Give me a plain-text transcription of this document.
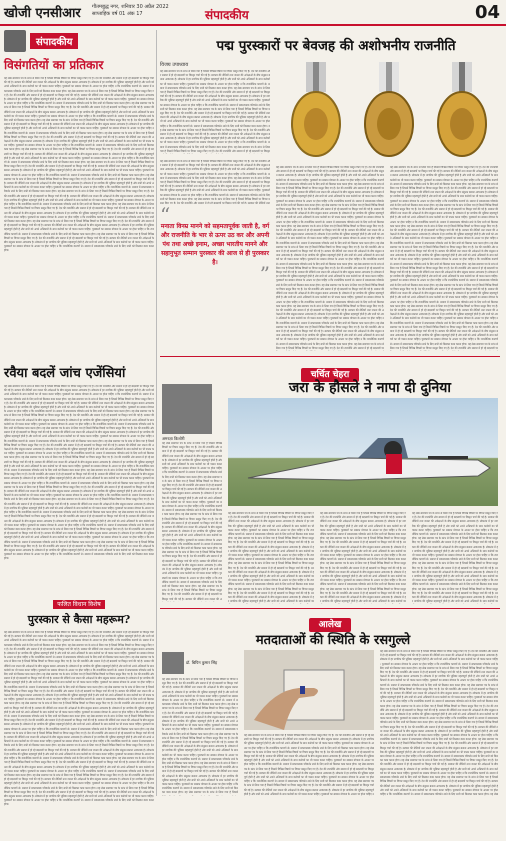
खोजी एनसीआर गौतमबुद्ध नगर, शनिवार 30 अप्रैल 2022
साप्ताहिक वर्ष 01 अंक 17	संपादकीय	04
संपादकीय
विसंगतियों का प्रतिकार
यह लेख समाचार पत्र के स्तंभ से लिया गया है जिसमें विभिन्न विषयों पर विचार प्रस्तुत किए गए हैं। देश की राजनीति और समाज में हो रहे बदलावों पर विस्तृत चर्चा की गई है। सरकार की नीतियों तथा जनता की अपेक्षाओं के बीच संतुलन बनाना आवश्यक है। लोकतंत्र में हर नागरिक की भूमिका महत्वपूर्ण होती है और सभी को अपने अधिकारों के साथ कर्तव्यों का भी पालन करना चाहिए। पुरस्कारों का सम्मान योग्यता के आधार पर होना चाहिए न कि राजनीतिक कारणों से। समाज में सकारात्मक परिवर्तन लाने के लिए सभी को मिलकर काम करना होगा। यह लेख समाचार पत्र के स्तंभ से लिया गया है जिसमें विभिन्न विषयों पर विचार प्रस्तुत किए गए हैं। देश की राजनीति और समाज में हो रहे बदलावों पर विस्तृत चर्चा की गई है। सरकार की नीतियों तथा जनता की अपेक्षाओं के बीच संतुलन बनाना आवश्यक है। लोकतंत्र में हर नागरिक की भूमिका महत्वपूर्ण होती है और सभी को अपने अधिकारों के साथ कर्तव्यों का भी पालन करना चाहिए। पुरस्कारों का सम्मान योग्यता के आधार पर होना चाहिए न कि राजनीतिक कारणों से। समाज में सकारात्मक परिवर्तन लाने के लिए सभी को मिलकर काम करना होगा। यह लेख समाचार पत्र के स्तंभ से लिया गया है जिसमें विभिन्न विषयों पर विचार प्रस्तुत किए गए हैं। देश की राजनीति और समाज में हो रहे बदलावों पर विस्तृत चर्चा की गई है। सरकार की नीतियों तथा जनता की अपेक्षाओं के बीच संतुलन बनाना आवश्यक है। लोकतंत्र में हर नागरिक की भूमिका महत्वपूर्ण होती है और सभी को अपने अधिकारों के साथ कर्तव्यों का भी पालन करना चाहिए। पुरस्कारों का सम्मान योग्यता के आधार पर होना चाहिए न कि राजनीतिक कारणों से। समाज में सकारात्मक परिवर्तन लाने के लिए सभी को मिलकर काम करना होगा। यह लेख समाचार पत्र के स्तंभ से लिया गया है जिसमें विभिन्न विषयों पर विचार प्रस्तुत किए गए हैं। देश की राजनीति और समाज में हो रहे बदलावों पर विस्तृत चर्चा की गई है। सरकार की नीतियों तथा जनता की अपेक्षाओं के बीच संतुलन बनाना आवश्यक है। लोकतंत्र में हर नागरिक की भूमिका महत्वपूर्ण होती है और सभी को अपने अधिकारों के साथ कर्तव्यों का भी पालन करना चाहिए। पुरस्कारों का सम्मान योग्यता के आधार पर होना चाहिए न कि राजनीतिक कारणों से। समाज में सकारात्मक परिवर्तन लाने के लिए सभी को मिलकर काम करना होगा। यह लेख समाचार पत्र के स्तंभ से लिया गया है जिसमें विभिन्न विषयों पर विचार प्रस्तुत किए गए हैं। देश की राजनीति और समाज में हो रहे बदलावों पर विस्तृत चर्चा की गई है। सरकार की नीतियों तथा जनता की अपेक्षाओं के बीच संतुलन बनाना आवश्यक है। लोकतंत्र में हर नागरिक की भूमिका महत्वपूर्ण होती है और सभी को अपने अधिकारों के साथ कर्तव्यों का भी पालन करना चाहिए। पुरस्कारों का सम्मान योग्यता के आधार पर होना चाहिए न कि राजनीतिक कारणों से। समाज में सकारात्मक परिवर्तन लाने के लिए सभी को मिलकर काम करना होगा। यह लेख समाचार पत्र के स्तंभ से लिया गया है जिसमें विभिन्न विषयों पर विचार प्रस्तुत किए गए हैं। देश की राजनीति और समाज में हो रहे बदलावों पर विस्तृत चर्चा की गई है। सरकार की नीतियों तथा जनता की अपेक्षाओं के बीच संतुलन बनाना आवश्यक है। लोकतंत्र में हर नागरिक की भूमिका महत्वपूर्ण होती है और सभी को अपने अधिकारों के साथ कर्तव्यों का भी पालन करना चाहिए। पुरस्कारों का सम्मान योग्यता के आधार पर होना चाहिए न कि राजनीतिक कारणों से। समाज में सकारात्मक परिवर्तन लाने के लिए सभी को मिलकर काम करना होगा। यह लेख समाचार पत्र के स्तंभ से लिया गया है जिसमें विभिन्न विषयों पर विचार प्रस्तुत किए गए हैं। देश की राजनीति और समाज में हो रहे बदलावों पर विस्तृत चर्चा की गई है। सरकार की नीतियों तथा जनता की अपेक्षाओं के बीच संतुलन बनाना आवश्यक है। लोकतंत्र में हर नागरिक की भूमिका महत्वपूर्ण होती है और सभी को अपने अधिकारों के साथ कर्तव्यों का भी पालन करना चाहिए। पुरस्कारों का सम्मान योग्यता के आधार पर होना चाहिए न कि राजनीतिक कारणों से। समाज में सकारात्मक परिवर्तन लाने के लिए सभी को मिलकर काम करना होगा। यह लेख समाचार पत्र के स्तंभ से लिया गया है जिसमें विभिन्न विषयों पर विचार प्रस्तुत किए गए हैं। देश की राजनीति और समाज में हो रहे बदलावों पर विस्तृत चर्चा की गई है। सरकार की नीतियों तथा जनता की अपेक्षाओं के बीच संतुलन बनाना आवश्यक है। लोकतंत्र में हर नागरिक की भूमिका महत्वपूर्ण होती है और सभी को अपने अधिकारों के साथ कर्तव्यों का भी पालन करना चाहिए। पुरस्कारों का सम्मान योग्यता के आधार पर होना चाहिए न कि राजनीतिक कारणों से। समाज में सकारात्मक परिवर्तन लाने के लिए सभी को मिलकर काम करना होगा। यह लेख समाचार पत्र के स्तंभ से लिया गया है जिसमें विभिन्न विषयों पर विचार प्रस्तुत किए गए हैं। देश की राजनीति और समाज में हो रहे बदलावों पर विस्तृत चर्चा की गई है। सरकार की नीतियों तथा जनता की अपेक्षाओं के बीच संतुलन बनाना आवश्यक है। लोकतंत्र में हर नागरिक की भूमिका महत्वपूर्ण होती है और सभी को अपने अधिकारों के साथ कर्तव्यों का भी पालन करना चाहिए। पुरस्कारों का सम्मान योग्यता के आधार पर होना चाहिए न कि राजनीतिक कारणों से। समाज में सकारात्मक परिवर्तन लाने के लिए सभी को मिलकर काम करना होगा। यह लेख समाचार पत्र के स्तंभ से लिया गया है जिसमें विभिन्न विषयों पर विचार प्रस्तुत किए गए हैं। देश की राजनीति और समाज में हो रहे बदलावों पर विस्तृत चर्चा की गई है। सरकार की नीतियों तथा जनता की अपेक्षाओं के बीच संतुलन बनाना आवश्यक है। लोकतंत्र में हर नागरिक की भूमिका महत्वपूर्ण होती है और सभी को अपने अधिकारों के साथ कर्तव्यों का भी पालन करना चाहिए। पुरस्कारों का सम्मान योग्यता के आधार पर होना चाहिए न कि राजनीतिक कारणों से। समाज में सकारात्मक परिवर्तन लाने के लिए सभी को मिलकर काम करना होगा। यह लेख समाचार पत्र के स्तंभ से लिया गया है जिसमें विभिन्न विषयों पर विचार प्रस्तुत किए गए हैं। देश की राजनीति और समाज में हो रहे बदलावों पर विस्तृत चर्चा की गई है। सरकार की नीतियों तथा जनता की अपेक्षाओं के बीच संतुलन बनाना आवश्यक है। लोकतंत्र में हर नागरिक की भूमिका महत्वपूर्ण होती है और सभी को अपने अधिकारों के साथ कर्तव्यों का भी पालन करना चाहिए। पुरस्कारों का सम्मान योग्यता के आधार पर होना चाहिए न कि राजनीतिक कारणों से। समाज में सकारात्मक परिवर्तन लाने के लिए सभी को मिलकर काम करना होगा। यह लेख समाचार पत्र के स्तंभ से लिया गया है जिसमें विभिन्न विषयों पर विचार प्रस्तुत किए गए हैं। देश की राजनीति और समाज में हो रहे बदलावों पर विस्तृत चर्चा की गई है। सरकार की नीतियों तथा जनता की अपेक्षाओं के बीच संतुलन बनाना आवश्यक है। लोकतंत्र में हर नागरिक की भूमिका महत्वपूर्ण होती है और सभी को अपने अधिकारों के साथ कर्तव्यों का भी पालन करना चाहिए। पुरस्कारों का सम्मान योग्यता के आधार पर होना चाहिए न कि राजनीतिक कारणों से। समाज में सकारात्मक परिवर्तन लाने के लिए सभी को मिलकर काम करना होगा।
रवैया बदलें जांच एजेंसियां
यह लेख समाचार पत्र के स्तंभ से लिया गया है जिसमें विभिन्न विषयों पर विचार प्रस्तुत किए गए हैं। देश की राजनीति और समाज में हो रहे बदलावों पर विस्तृत चर्चा की गई है। सरकार की नीतियों तथा जनता की अपेक्षाओं के बीच संतुलन बनाना आवश्यक है। लोकतंत्र में हर नागरिक की भूमिका महत्वपूर्ण होती है और सभी को अपने अधिकारों के साथ कर्तव्यों का भी पालन करना चाहिए। पुरस्कारों का सम्मान योग्यता के आधार पर होना चाहिए न कि राजनीतिक कारणों से। समाज में सकारात्मक परिवर्तन लाने के लिए सभी को मिलकर काम करना होगा। यह लेख समाचार पत्र के स्तंभ से लिया गया है जिसमें विभिन्न विषयों पर विचार प्रस्तुत किए गए हैं। देश की राजनीति और समाज में हो रहे बदलावों पर विस्तृत चर्चा की गई है। सरकार की नीतियों तथा जनता की अपेक्षाओं के बीच संतुलन बनाना आवश्यक है। लोकतंत्र में हर नागरिक की भूमिका महत्वपूर्ण होती है और सभी को अपने अधिकारों के साथ कर्तव्यों का भी पालन करना चाहिए। पुरस्कारों का सम्मान योग्यता के आधार पर होना चाहिए न कि राजनीतिक कारणों से। समाज में सकारात्मक परिवर्तन लाने के लिए सभी को मिलकर काम करना होगा। यह लेख समाचार पत्र के स्तंभ से लिया गया है जिसमें विभिन्न विषयों पर विचार प्रस्तुत किए गए हैं। देश की राजनीति और समाज में हो रहे बदलावों पर विस्तृत चर्चा की गई है। सरकार की नीतियों तथा जनता की अपेक्षाओं के बीच संतुलन बनाना आवश्यक है। लोकतंत्र में हर नागरिक की भूमिका महत्वपूर्ण होती है और सभी को अपने अधिकारों के साथ कर्तव्यों का भी पालन करना चाहिए। पुरस्कारों का सम्मान योग्यता के आधार पर होना चाहिए न कि राजनीतिक कारणों से। समाज में सकारात्मक परिवर्तन लाने के लिए सभी को मिलकर काम करना होगा। यह लेख समाचार पत्र के स्तंभ से लिया गया है जिसमें विभिन्न विषयों पर विचार प्रस्तुत किए गए हैं। देश की राजनीति और समाज में हो रहे बदलावों पर विस्तृत चर्चा की गई है। सरकार की नीतियों तथा जनता की अपेक्षाओं के बीच संतुलन बनाना आवश्यक है। लोकतंत्र में हर नागरिक की भूमिका महत्वपूर्ण होती है और सभी को अपने अधिकारों के साथ कर्तव्यों का भी पालन करना चाहिए। पुरस्कारों का सम्मान योग्यता के आधार पर होना चाहिए न कि राजनीतिक कारणों से। समाज में सकारात्मक परिवर्तन लाने के लिए सभी को मिलकर काम करना होगा। यह लेख समाचार पत्र के स्तंभ से लिया गया है जिसमें विभिन्न विषयों पर विचार प्रस्तुत किए गए हैं। देश की राजनीति और समाज में हो रहे बदलावों पर विस्तृत चर्चा की गई है। सरकार की नीतियों तथा जनता की अपेक्षाओं के बीच संतुलन बनाना आवश्यक है। लोकतंत्र में हर नागरिक की भूमिका महत्वपूर्ण होती है और सभी को अपने अधिकारों के साथ कर्तव्यों का भी पालन करना चाहिए। पुरस्कारों का सम्मान योग्यता के आधार पर होना चाहिए न कि राजनीतिक कारणों से। समाज में सकारात्मक परिवर्तन लाने के लिए सभी को मिलकर काम करना होगा। यह लेख समाचार पत्र के स्तंभ से लिया गया है जिसमें विभिन्न विषयों पर विचार प्रस्तुत किए गए हैं। देश की राजनीति और समाज में हो रहे बदलावों पर विस्तृत चर्चा की गई है। सरकार की नीतियों तथा जनता की अपेक्षाओं के बीच संतुलन बनाना आवश्यक है। लोकतंत्र में हर नागरिक की भूमिका महत्वपूर्ण होती है और सभी को अपने अधिकारों के साथ कर्तव्यों का भी पालन करना चाहिए। पुरस्कारों का सम्मान योग्यता के आधार पर होना चाहिए न कि राजनीतिक कारणों से। समाज में सकारात्मक परिवर्तन लाने के लिए सभी को मिलकर काम करना होगा। यह लेख समाचार पत्र के स्तंभ से लिया गया है जिसमें विभिन्न विषयों पर विचार प्रस्तुत किए गए हैं। देश की राजनीति और समाज में हो रहे बदलावों पर विस्तृत चर्चा की गई है। सरकार की नीतियों तथा जनता की अपेक्षाओं के बीच संतुलन बनाना आवश्यक है। लोकतंत्र में हर नागरिक की भूमिका महत्वपूर्ण होती है और सभी को अपने अधिकारों के साथ कर्तव्यों का भी पालन करना चाहिए। पुरस्कारों का सम्मान योग्यता के आधार पर होना चाहिए न कि राजनीतिक कारणों से। समाज में सकारात्मक परिवर्तन लाने के लिए सभी को मिलकर काम करना होगा। यह लेख समाचार पत्र के स्तंभ से लिया गया है जिसमें विभिन्न विषयों पर विचार प्रस्तुत किए गए हैं। देश की राजनीति और समाज में हो रहे बदलावों पर विस्तृत चर्चा की गई है। सरकार की नीतियों तथा जनता की अपेक्षाओं के बीच संतुलन बनाना आवश्यक है। लोकतंत्र में हर नागरिक की भूमिका महत्वपूर्ण होती है और सभी को अपने अधिकारों के साथ कर्तव्यों का भी पालन करना चाहिए। पुरस्कारों का सम्मान योग्यता के आधार पर होना चाहिए न कि राजनीतिक कारणों से। समाज में सकारात्मक परिवर्तन लाने के लिए सभी को मिलकर काम करना होगा। यह लेख समाचार पत्र के स्तंभ से लिया गया है जिसमें विभिन्न विषयों पर विचार प्रस्तुत किए गए हैं। देश की राजनीति और समाज में हो रहे बदलावों पर विस्तृत चर्चा की गई है। सरकार की नीतियों तथा जनता की अपेक्षाओं के बीच संतुलन बनाना आवश्यक है। लोकतंत्र में हर नागरिक की भूमिका महत्वपूर्ण होती है और सभी को अपने अधिकारों के साथ कर्तव्यों का भी पालन करना चाहिए। पुरस्कारों का सम्मान योग्यता के आधार पर होना चाहिए न कि राजनीतिक कारणों से। समाज में सकारात्मक परिवर्तन लाने के लिए सभी को मिलकर काम करना होगा। यह लेख समाचार पत्र के स्तंभ से लिया गया है जिसमें विभिन्न विषयों पर विचार प्रस्तुत किए गए हैं। देश की राजनीति और समाज में हो रहे बदलावों पर विस्तृत चर्चा की गई है। सरकार की नीतियों तथा जनता की अपेक्षाओं के बीच संतुलन बनाना आवश्यक है। लोकतंत्र में हर नागरिक की भूमिका महत्वपूर्ण होती है और सभी को अपने अधिकारों के साथ कर्तव्यों का भी पालन करना चाहिए। पुरस्कारों का सम्मान योग्यता के आधार पर होना चाहिए न कि राजनीतिक कारणों से। समाज में सकारात्मक परिवर्तन लाने के लिए सभी को मिलकर काम करना होगा। यह लेख समाचार पत्र के स्तंभ से लिया गया है जिसमें विभिन्न विषयों पर विचार प्रस्तुत किए गए हैं। देश की राजनीति और समाज में हो रहे बदलावों पर विस्तृत चर्चा की गई है। सरकार की नीतियों तथा जनता की अपेक्षाओं के बीच संतुलन बनाना आवश्यक है। लोकतंत्र में हर नागरिक की भूमिका महत्वपूर्ण होती है और सभी को अपने अधिकारों के साथ कर्तव्यों का भी पालन करना चाहिए। पुरस्कारों का सम्मान योग्यता के आधार पर होना चाहिए न कि राजनीतिक कारणों से। समाज में सकारात्मक परिवर्तन लाने के लिए सभी को मिलकर काम करना होगा। यह लेख समाचार पत्र के स्तंभ से लिया गया है जिसमें विभिन्न विषयों पर विचार प्रस्तुत किए गए हैं। देश की राजनीति और समाज में हो रहे बदलावों पर विस्तृत चर्चा की गई है। सरकार की नीतियों तथा जनता की अपेक्षाओं के बीच संतुलन बनाना आवश्यक है। लोकतंत्र में हर नागरिक की भूमिका महत्वपूर्ण होती है और सभी को अपने अधिकारों के साथ कर्तव्यों का भी पालन करना चाहिए। पुरस्कारों का सम्मान योग्यता के आधार पर होना चाहिए न कि राजनीतिक कारणों से। समाज में सकारात्मक परिवर्तन लाने के लिए सभी को मिलकर काम करना होगा।
फलित विधान विशेष
पुरस्कार से कैसा महरूम?
यह लेख समाचार पत्र के स्तंभ से लिया गया है जिसमें विभिन्न विषयों पर विचार प्रस्तुत किए गए हैं। देश की राजनीति और समाज में हो रहे बदलावों पर विस्तृत चर्चा की गई है। सरकार की नीतियों तथा जनता की अपेक्षाओं के बीच संतुलन बनाना आवश्यक है। लोकतंत्र में हर नागरिक की भूमिका महत्वपूर्ण होती है और सभी को अपने अधिकारों के साथ कर्तव्यों का भी पालन करना चाहिए। पुरस्कारों का सम्मान योग्यता के आधार पर होना चाहिए न कि राजनीतिक कारणों से। समाज में सकारात्मक परिवर्तन लाने के लिए सभी को मिलकर काम करना होगा। यह लेख समाचार पत्र के स्तंभ से लिया गया है जिसमें विभिन्न विषयों पर विचार प्रस्तुत किए गए हैं। देश की राजनीति और समाज में हो रहे बदलावों पर विस्तृत चर्चा की गई है। सरकार की नीतियों तथा जनता की अपेक्षाओं के बीच संतुलन बनाना आवश्यक है। लोकतंत्र में हर नागरिक की भूमिका महत्वपूर्ण होती है और सभी को अपने अधिकारों के साथ कर्तव्यों का भी पालन करना चाहिए। पुरस्कारों का सम्मान योग्यता के आधार पर होना चाहिए न कि राजनीतिक कारणों से। समाज में सकारात्मक परिवर्तन लाने के लिए सभी को मिलकर काम करना होगा। यह लेख समाचार पत्र के स्तंभ से लिया गया है जिसमें विभिन्न विषयों पर विचार प्रस्तुत किए गए हैं। देश की राजनीति और समाज में हो रहे बदलावों पर विस्तृत चर्चा की गई है। सरकार की नीतियों तथा जनता की अपेक्षाओं के बीच संतुलन बनाना आवश्यक है। लोकतंत्र में हर नागरिक की भूमिका महत्वपूर्ण होती है और सभी को अपने अधिकारों के साथ कर्तव्यों का भी पालन करना चाहिए। पुरस्कारों का सम्मान योग्यता के आधार पर होना चाहिए न कि राजनीतिक कारणों से। समाज में सकारात्मक परिवर्तन लाने के लिए सभी को मिलकर काम करना होगा। यह लेख समाचार पत्र के स्तंभ से लिया गया है जिसमें विभिन्न विषयों पर विचार प्रस्तुत किए गए हैं। देश की राजनीति और समाज में हो रहे बदलावों पर विस्तृत चर्चा की गई है। सरकार की नीतियों तथा जनता की अपेक्षाओं के बीच संतुलन बनाना आवश्यक है। लोकतंत्र में हर नागरिक की भूमिका महत्वपूर्ण होती है और सभी को अपने अधिकारों के साथ कर्तव्यों का भी पालन करना चाहिए। पुरस्कारों का सम्मान योग्यता के आधार पर होना चाहिए न कि राजनीतिक कारणों से। समाज में सकारात्मक परिवर्तन लाने के लिए सभी को मिलकर काम करना होगा। यह लेख समाचार पत्र के स्तंभ से लिया गया है जिसमें विभिन्न विषयों पर विचार प्रस्तुत किए गए हैं। देश की राजनीति और समाज में हो रहे बदलावों पर विस्तृत चर्चा की गई है। सरकार की नीतियों तथा जनता की अपेक्षाओं के बीच संतुलन बनाना आवश्यक है। लोकतंत्र में हर नागरिक की भूमिका महत्वपूर्ण होती है और सभी को अपने अधिकारों के साथ कर्तव्यों का भी पालन करना चाहिए। पुरस्कारों का सम्मान योग्यता के आधार पर होना चाहिए न कि राजनीतिक कारणों से। समाज में सकारात्मक परिवर्तन लाने के लिए सभी को मिलकर काम करना होगा। यह लेख समाचार पत्र के स्तंभ से लिया गया है जिसमें विभिन्न विषयों पर विचार प्रस्तुत किए गए हैं। देश की राजनीति और समाज में हो रहे बदलावों पर विस्तृत चर्चा की गई है। सरकार की नीतियों तथा जनता की अपेक्षाओं के बीच संतुलन बनाना आवश्यक है। लोकतंत्र में हर नागरिक की भूमिका महत्वपूर्ण होती है और सभी को अपने अधिकारों के साथ कर्तव्यों का भी पालन करना चाहिए। पुरस्कारों का सम्मान योग्यता के आधार पर होना चाहिए न कि राजनीतिक कारणों से। समाज में सकारात्मक परिवर्तन लाने के लिए सभी को मिलकर काम करना होगा। यह लेख समाचार पत्र के स्तंभ से लिया गया है जिसमें विभिन्न विषयों पर विचार प्रस्तुत किए गए हैं। देश की राजनीति और समाज में हो रहे बदलावों पर विस्तृत चर्चा की गई है। सरकार की नीतियों तथा जनता की अपेक्षाओं के बीच संतुलन बनाना आवश्यक है। लोकतंत्र में हर नागरिक की भूमिका महत्वपूर्ण होती है और सभी को अपने अधिकारों के साथ कर्तव्यों का भी पालन करना चाहिए। पुरस्कारों का सम्मान योग्यता के आधार पर होना चाहिए न कि राजनीतिक कारणों से। समाज में सकारात्मक परिवर्तन लाने के लिए सभी को मिलकर काम करना होगा। यह लेख समाचार पत्र के स्तंभ से लिया गया है जिसमें विभिन्न विषयों पर विचार प्रस्तुत किए गए हैं। देश की राजनीति और समाज में हो रहे बदलावों पर विस्तृत चर्चा की गई है। सरकार की नीतियों तथा जनता की अपेक्षाओं के बीच संतुलन बनाना आवश्यक है। लोकतंत्र में हर नागरिक की भूमिका महत्वपूर्ण होती है और सभी को अपने अधिकारों के साथ कर्तव्यों का भी पालन करना चाहिए। पुरस्कारों का सम्मान योग्यता के आधार पर होना चाहिए न कि राजनीतिक कारणों से। समाज में सकारात्मक परिवर्तन लाने के लिए सभी को मिलकर काम करना होगा। यह लेख समाचार पत्र के स्तंभ से लिया गया है जिसमें विभिन्न विषयों पर विचार प्रस्तुत किए गए हैं। देश की राजनीति और समाज में हो रहे बदलावों पर विस्तृत चर्चा की गई है। सरकार की नीतियों तथा जनता की अपेक्षाओं के बीच संतुलन बनाना आवश्यक है। लोकतंत्र में हर नागरिक की भूमिका महत्वपूर्ण होती है और सभी को अपने अधिकारों के साथ कर्तव्यों का भी पालन करना चाहिए। पुरस्कारों का सम्मान योग्यता के आधार पर होना चाहिए न कि राजनीतिक कारणों से। समाज में सकारात्मक परिवर्तन लाने के लिए सभी को मिलकर काम करना होगा। यह लेख समाचार पत्र के स्तंभ से लिया गया है जिसमें विभिन्न विषयों पर विचार प्रस्तुत किए गए हैं। देश की राजनीति और समाज में हो रहे बदलावों पर विस्तृत चर्चा की गई है। सरकार की नीतियों तथा जनता की अपेक्षाओं के बीच संतुलन बनाना आवश्यक है। लोकतंत्र में हर नागरिक की भूमिका महत्वपूर्ण होती है और सभी को अपने अधिकारों के साथ कर्तव्यों का भी पालन करना चाहिए। पुरस्कारों का सम्मान योग्यता के आधार पर होना चाहिए न कि राजनीतिक कारणों से। समाज में सकारात्मक परिवर्तन लाने के लिए सभी को मिलकर काम करना होगा। यह लेख समाचार पत्र के स्तंभ से लिया गया है जिसमें विभिन्न विषयों पर विचार प्रस्तुत किए गए हैं। देश की राजनीति और समाज में हो रहे बदलावों पर विस्तृत चर्चा की गई है। सरकार की नीतियों तथा जनता की अपेक्षाओं के बीच संतुलन बनाना आवश्यक है। लोकतंत्र में हर नागरिक की भूमिका महत्वपूर्ण होती है और सभी को अपने अधिकारों के साथ कर्तव्यों का भी पालन करना चाहिए। पुरस्कारों का सम्मान योग्यता के आधार पर होना चाहिए न कि राजनीतिक कारणों से। समाज में सकारात्मक परिवर्तन लाने के लिए सभी को मिलकर काम करना होगा। यह लेख समाचार पत्र के स्तंभ से लिया गया है जिसमें विभिन्न विषयों पर विचार प्रस्तुत किए गए हैं। देश की राजनीति और समाज में हो रहे बदलावों पर विस्तृत चर्चा की गई है। सरकार की नीतियों तथा जनता की अपेक्षाओं के बीच संतुलन बनाना आवश्यक है। लोकतंत्र में हर नागरिक की भूमिका महत्वपूर्ण होती है और सभी को अपने अधिकारों के साथ कर्तव्यों का भी पालन करना चाहिए। पुरस्कारों का सम्मान योग्यता के आधार पर होना चाहिए न कि राजनीतिक कारणों से। समाज में सकारात्मक परिवर्तन लाने के लिए सभी को मिलकर काम करना होगा।
पद्म पुरस्कारों पर बेवजह की अशोभनीय राजनीति
विजय उपाध्याय
यह लेख समाचार पत्र के स्तंभ से लिया गया है जिसमें विभिन्न विषयों पर विचार प्रस्तुत किए गए हैं। देश की राजनीति और समाज में हो रहे बदलावों पर विस्तृत चर्चा की गई है। सरकार की नीतियों तथा जनता की अपेक्षाओं के बीच संतुलन बनाना आवश्यक है। लोकतंत्र में हर नागरिक की भूमिका महत्वपूर्ण होती है और सभी को अपने अधिकारों के साथ कर्तव्यों का भी पालन करना चाहिए। पुरस्कारों का सम्मान योग्यता के आधार पर होना चाहिए न कि राजनीतिक कारणों से। समाज में सकारात्मक परिवर्तन लाने के लिए सभी को मिलकर काम करना होगा। यह लेख समाचार पत्र के स्तंभ से लिया गया है जिसमें विभिन्न विषयों पर विचार प्रस्तुत किए गए हैं। देश की राजनीति और समाज में हो रहे बदलावों पर विस्तृत चर्चा की गई है। सरकार की नीतियों तथा जनता की अपेक्षाओं के बीच संतुलन बनाना आवश्यक है। लोकतंत्र में हर नागरिक की भूमिका महत्वपूर्ण होती है और सभी को अपने अधिकारों के साथ कर्तव्यों का भी पालन करना चाहिए। पुरस्कारों का सम्मान योग्यता के आधार पर होना चाहिए न कि राजनीतिक कारणों से। समाज में सकारात्मक परिवर्तन लाने के लिए सभी को मिलकर काम करना होगा। यह लेख समाचार पत्र के स्तंभ से लिया गया है जिसमें विभिन्न विषयों पर विचार प्रस्तुत किए गए हैं। देश की राजनीति और समाज में हो रहे बदलावों पर विस्तृत चर्चा की गई है। सरकार की नीतियों तथा जनता की अपेक्षाओं के बीच संतुलन बनाना आवश्यक है। लोकतंत्र में हर नागरिक की भूमिका महत्वपूर्ण होती है और सभी को अपने अधिकारों के साथ कर्तव्यों का भी पालन करना चाहिए। पुरस्कारों का सम्मान योग्यता के आधार पर होना चाहिए न कि राजनीतिक कारणों से। समाज में सकारात्मक परिवर्तन लाने के लिए सभी को मिलकर काम करना होगा। यह लेख समाचार पत्र के स्तंभ से लिया गया है जिसमें विभिन्न विषयों पर विचार प्रस्तुत किए गए हैं। देश की राजनीति और समाज में हो रहे बदलावों पर विस्तृत चर्चा की गई है। सरकार की नीतियों तथा जनता की अपेक्षाओं के बीच संतुलन बनाना आवश्यक है। लोकतंत्र में हर नागरिक की भूमिका महत्वपूर्ण होती है और सभी को अपने अधिकारों के साथ कर्तव्यों का भी पालन करना चाहिए। पुरस्कारों का सम्मान योग्यता के आधार पर होना चाहिए न कि राजनीतिक कारणों से। समाज में सकारात्मक परिवर्तन लाने के लिए सभी को मिलकर काम करना होगा। यह लेख समाचार पत्र के स्तंभ से लिया गया है जिसमें विभिन्न विषयों पर विचार प्रस्तुत किए गए हैं। देश की राजनीति और समाज में हो रहे बदलावों पर विस्तृत
यह लेख समाचार पत्र के स्तंभ से लिया गया है जिसमें विभिन्न विषयों पर विचार प्रस्तुत किए गए हैं। देश की राजनीति और समाज में हो रहे बदलावों पर विस्तृत चर्चा की गई है। सरकार की नीतियों तथा जनता की अपेक्षाओं के बीच संतुलन बनाना आवश्यक है। लोकतंत्र में हर नागरिक की भूमिका महत्वपूर्ण होती है और सभी को अपने अधिकारों के साथ कर्तव्यों का भी पालन करना चाहिए। पुरस्कारों का सम्मान योग्यता के आधार पर होना चाहिए न कि राजनीतिक कारणों से। समाज में सकारात्मक परिवर्तन लाने के लिए सभी को मिलकर काम करना होगा। यह लेख समाचार पत्र के स्तंभ से लिया गया है जिसमें विभिन्न विषयों पर विचार प्रस्तुत किए गए हैं। देश की राजनीति और समाज में हो रहे बदलावों पर विस्तृत चर्चा की गई है। सरकार की नीतियों तथा जनता की अपेक्षाओं के बीच संतुलन बनाना आवश्यक है। लोकतंत्र में हर नागरिक की भूमिका महत्वपूर्ण होती है और सभी को अपने अधिकारों के साथ कर्तव्यों का भी पालन करना चाहिए। पुरस्कारों का सम्मान योग्यता के आधार पर होना चाहिए न कि राजनीतिक कारणों से। समाज में सकारात्मक परिवर्तन लाने के लिए सभी को मिलकर काम करना होगा। यह लेख समाचार पत्र के स्तंभ से लिया गया है जिसमें विभिन्न विषयों पर विचार प्रस्तुत किए गए हैं। देश की राजनीति और समाज में हो रहे बदलावों पर विस्तृत चर्चा की गई है। सरकार की नीतियों तथा
यह लेख समाचार पत्र के स्तंभ से लिया गया है जिसमें विभिन्न विषयों पर विचार प्रस्तुत किए गए हैं। देश की राजनीति और समाज में हो रहे बदलावों पर विस्तृत चर्चा की गई है। सरकार की नीतियों तथा जनता की अपेक्षाओं के बीच संतुलन बनाना आवश्यक है। लोकतंत्र में हर नागरिक की भूमिका महत्वपूर्ण होती है और सभी को अपने अधिकारों के साथ कर्तव्यों का भी पालन करना चाहिए। पुरस्कारों का सम्मान योग्यता के आधार पर होना चाहिए न कि राजनीतिक कारणों से। समाज में सकारात्मक परिवर्तन लाने के लिए सभी को मिलकर काम करना होगा। यह लेख समाचार पत्र के स्तंभ से लिया गया है जिसमें विभिन्न विषयों पर विचार प्रस्तुत किए गए हैं। देश की राजनीति और समाज में हो रहे बदलावों पर विस्तृत चर्चा की गई है। सरकार की नीतियों तथा जनता की अपेक्षाओं के बीच संतुलन बनाना आवश्यक है। लोकतंत्र में हर नागरिक की भूमिका महत्वपूर्ण होती है और सभी को अपने अधिकारों के साथ कर्तव्यों का भी पालन करना चाहिए। पुरस्कारों का सम्मान योग्यता के आधार पर होना चाहिए न कि राजनीतिक कारणों से। समाज में सकारात्मक परिवर्तन लाने के लिए सभी को मिलकर काम करना होगा। यह लेख समाचार पत्र के स्तंभ से लिया गया है जिसमें विभिन्न विषयों पर विचार प्रस्तुत किए गए हैं। देश की राजनीति और समाज में हो रहे बदलावों पर विस्तृत चर्चा की गई है। सरकार की नीतियों तथा जनता की अपेक्षाओं के बीच संतुलन बनाना आवश्यक है। लोकतंत्र में हर नागरिक की भूमिका महत्वपूर्ण होती है और सभी को अपने अधिकारों के साथ कर्तव्यों का भी पालन करना चाहिए। पुरस्कारों का सम्मान योग्यता के आधार पर होना चाहिए न कि राजनीतिक कारणों से। समाज में सकारात्मक परिवर्तन लाने के लिए सभी को मिलकर काम करना होगा। यह लेख समाचार पत्र के स्तंभ से लिया गया है जिसमें विभिन्न विषयों पर विचार प्रस्तुत किए गए हैं। देश की राजनीति और समाज में हो रहे बदलावों पर विस्तृत चर्चा की गई है। सरकार की नीतियों तथा जनता की अपेक्षाओं के बीच संतुलन बनाना आवश्यक है। लोकतंत्र में हर नागरिक की भूमिका महत्वपूर्ण होती है और सभी को अपने अधिकारों के साथ कर्तव्यों का भी पालन करना चाहिए। पुरस्कारों का सम्मान योग्यता के आधार पर होना चाहिए न कि राजनीतिक कारणों से। समाज में सकारात्मक परिवर्तन लाने के लिए सभी को मिलकर काम करना होगा। यह लेख समाचार पत्र के स्तंभ से लिया गया है जिसमें विभिन्न विषयों पर विचार प्रस्तुत किए गए हैं। देश की राजनीति और समाज में हो रहे बदलावों पर विस्तृत चर्चा की गई है। सरकार की नीतियों तथा जनता की अपेक्षाओं के बीच संतुलन बनाना आवश्यक है। लोकतंत्र में हर नागरिक की भूमिका महत्वपूर्ण होती है और सभी को अपने अधिकारों के साथ कर्तव्यों का भी पालन करना चाहिए। पुरस्कारों का सम्मान योग्यता के आधार पर होना चाहिए न कि राजनीतिक कारणों से। समाज में सकारात्मक परिवर्तन लाने के लिए सभी को मिलकर काम करना होगा। यह लेख समाचार पत्र के स्तंभ से लिया गया है जिसमें विभिन्न विषयों पर विचार प्रस्तुत किए गए हैं। देश की राजनीति और समाज में हो रहे बदलावों पर विस्तृत चर्चा की गई है। सरकार की नीतियों तथा जनता की अपेक्षाओं के बीच संतुलन बनाना आवश्यक है। लोकतंत्र में हर नागरिक की भूमिका महत्वपूर्ण होती है और सभी को अपने अधिकारों के साथ कर्तव्यों का भी पालन करना चाहिए। पुरस्कारों का सम्मान योग्यता के आधार पर होना चाहिए न कि राजनीतिक कारणों से। समाज में सकारात्मक परिवर्तन लाने के लिए सभी को मिलकर काम करना होगा। यह लेख समाचार पत्र के स्तंभ से लिया गया है जिसमें विभिन्न विषयों पर विचार प्रस्तुत किए गए हैं। देश की राजनीति और समाज में हो रहे बदलावों पर विस्तृत चर्चा की गई है। सरकार की नीतियों तथा जनता की अपेक्षाओं के बीच संतुलन बनाना आवश्यक है। लोकतंत्र में हर नागरिक की भूमिका महत्वपूर्ण होती है और सभी को अपने अधिकारों के साथ कर्तव्यों का भी पालन करना चाहिए। पुरस्कारों का सम्मान योग्यता के आधार पर होना चाहिए न कि राजनीतिक कारणों से। समाज में सकारात्मक परिवर्तन लाने के लिए सभी को मिलकर काम करना होगा। यह लेख समाचार पत्र के स्तंभ से लिया गया है जिसमें विभिन्न विषयों पर विचार प्रस्तुत किए गए हैं। देश की राजनीति और समाज में हो रहे बदलावों पर विस्तृत चर्चा की गई है। सरकार की नीतियों तथा जनता की अपेक्षाओं के बीच संतुलन बनाना आवश्यक है। लोकतंत्र में हर नागरिक की भूमिका महत्वपूर्ण होती है और सभी को अपने अधिकारों के साथ कर्तव्यों का भी पालन करना चाहिए। पुरस्कारों का सम्मान योग्यता के आधार पर होना चाहिए न कि राजनीतिक कारणों से। समाज में सकारात्मक परिवर्तन लाने के लिए सभी को मिलकर काम करना होगा। यह लेख समाचार पत्र के स्तंभ से लिया गया है जिसमें विभिन्न विषयों पर विचार प्रस्तुत किए गए हैं। देश की राजनीति और समाज में हो रहे बदलावों पर विस्तृत चर्चा की गई है। सरकार की नीतियों तथा जनता की अपेक्षाओं के बीच संतुलन बनाना आवश्यक है। लोकतंत्र में हर नागरिक की भूमिका महत्वपूर्ण होती है और सभी को अपने अधिकारों के साथ कर्तव्यों का भी पालन करना चाहिए। पुरस्कारों का सम्मान योग्यता के आधार पर होना चाहिए न कि राजनीतिक कारणों से। समाज में सकारात्मक परिवर्तन लाने के लिए सभी को मिलकर काम करना होगा। यह लेख समाचार पत्र के स्तंभ से लिया गया है जिसमें विभिन्न विषयों पर विचार प्रस्तुत किए गए हैं। देश की राजनीति और समाज में हो रहे बदलावों पर
यह लेख समाचार पत्र के स्तंभ से लिया गया है जिसमें विभिन्न विषयों पर विचार प्रस्तुत किए गए हैं। देश की राजनीति और समाज में हो रहे बदलावों पर विस्तृत चर्चा की गई है। सरकार की नीतियों तथा जनता की अपेक्षाओं के बीच संतुलन बनाना आवश्यक है। लोकतंत्र में हर नागरिक की भूमिका महत्वपूर्ण होती है और सभी को अपने अधिकारों के साथ कर्तव्यों का भी पालन करना चाहिए। पुरस्कारों का सम्मान योग्यता के आधार पर होना चाहिए न कि राजनीतिक कारणों से। समाज में सकारात्मक परिवर्तन लाने के लिए सभी को मिलकर काम करना होगा। यह लेख समाचार पत्र के स्तंभ से लिया गया है जिसमें विभिन्न विषयों पर विचार प्रस्तुत किए गए हैं। देश की राजनीति और समाज में हो रहे बदलावों पर विस्तृत चर्चा की गई है। सरकार की नीतियों तथा जनता की अपेक्षाओं के बीच संतुलन बनाना आवश्यक है। लोकतंत्र में हर नागरिक की भूमिका महत्वपूर्ण होती है और सभी को अपने अधिकारों के साथ कर्तव्यों का भी पालन करना चाहिए। पुरस्कारों का सम्मान योग्यता के आधार पर होना चाहिए न कि राजनीतिक कारणों से। समाज में सकारात्मक परिवर्तन लाने के लिए सभी को मिलकर काम करना होगा। यह लेख समाचार पत्र के स्तंभ से लिया गया है जिसमें विभिन्न विषयों पर विचार प्रस्तुत किए गए हैं। देश की राजनीति और समाज में हो रहे बदलावों पर विस्तृत चर्चा की गई है। सरकार की नीतियों तथा जनता की अपेक्षाओं के बीच संतुलन बनाना आवश्यक है। लोकतंत्र में हर नागरिक की भूमिका महत्वपूर्ण होती है और सभी को अपने अधिकारों के साथ कर्तव्यों का भी पालन करना चाहिए। पुरस्कारों का सम्मान योग्यता के आधार पर होना चाहिए न कि राजनीतिक कारणों से। समाज में सकारात्मक परिवर्तन लाने के लिए सभी को मिलकर काम करना होगा। यह लेख समाचार पत्र के स्तंभ से लिया गया है जिसमें विभिन्न विषयों पर विचार प्रस्तुत किए गए हैं। देश की राजनीति और समाज में हो रहे बदलावों पर विस्तृत चर्चा की गई है। सरकार की नीतियों तथा जनता की अपेक्षाओं के बीच संतुलन बनाना आवश्यक है। लोकतंत्र में हर नागरिक की भूमिका महत्वपूर्ण होती है और सभी को अपने अधिकारों के साथ कर्तव्यों का भी पालन करना चाहिए। पुरस्कारों का सम्मान योग्यता के आधार पर होना चाहिए न कि राजनीतिक कारणों से। समाज में सकारात्मक परिवर्तन लाने के लिए सभी को मिलकर काम करना होगा। यह लेख समाचार पत्र के स्तंभ से लिया गया है जिसमें विभिन्न विषयों पर विचार प्रस्तुत किए गए हैं। देश की राजनीति और समाज में हो रहे बदलावों पर विस्तृत चर्चा की गई है। सरकार की नीतियों तथा जनता की अपेक्षाओं के बीच संतुलन बनाना आवश्यक है। लोकतंत्र में हर नागरिक की भूमिका महत्वपूर्ण होती है और सभी को अपने अधिकारों के साथ कर्तव्यों का भी पालन करना चाहिए। पुरस्कारों का सम्मान योग्यता के आधार पर होना चाहिए न कि राजनीतिक कारणों से। समाज में सकारात्मक परिवर्तन लाने के लिए सभी को मिलकर काम करना होगा। यह लेख समाचार पत्र के स्तंभ से लिया गया है जिसमें विभिन्न विषयों पर विचार प्रस्तुत किए गए हैं। देश की राजनीति और समाज में हो रहे बदलावों पर विस्तृत चर्चा की गई है। सरकार की नीतियों तथा जनता की अपेक्षाओं के बीच संतुलन बनाना आवश्यक है। लोकतंत्र में हर नागरिक की भूमिका महत्वपूर्ण होती है और सभी को अपने अधिकारों के साथ कर्तव्यों का भी पालन करना चाहिए। पुरस्कारों का सम्मान योग्यता के आधार पर होना चाहिए न कि राजनीतिक कारणों से। समाज में सकारात्मक परिवर्तन लाने के लिए सभी को मिलकर काम करना होगा। यह लेख समाचार पत्र के स्तंभ से लिया गया है जिसमें विभिन्न विषयों पर विचार प्रस्तुत किए गए हैं। देश की राजनीति और समाज में हो रहे बदलावों पर विस्तृत चर्चा की गई है। सरकार की नीतियों तथा जनता की अपेक्षाओं के बीच संतुलन बनाना आवश्यक है। लोकतंत्र में हर नागरिक की भूमिका महत्वपूर्ण होती है और सभी को अपने अधिकारों के साथ कर्तव्यों का भी पालन करना चाहिए। पुरस्कारों का सम्मान योग्यता के आधार पर होना चाहिए न कि राजनीतिक कारणों से। समाज में सकारात्मक परिवर्तन लाने के लिए सभी को मिलकर काम करना होगा। यह लेख समाचार पत्र के स्तंभ से लिया गया है जिसमें विभिन्न विषयों पर विचार प्रस्तुत किए गए हैं। देश की राजनीति और समाज में हो रहे बदलावों पर विस्तृत चर्चा की गई है। सरकार की नीतियों तथा जनता की अपेक्षाओं के बीच संतुलन बनाना आवश्यक है। लोकतंत्र में हर नागरिक की भूमिका महत्वपूर्ण होती है और सभी को अपने अधिकारों के साथ कर्तव्यों का भी पालन करना चाहिए। पुरस्कारों का सम्मान योग्यता के आधार पर होना चाहिए न कि राजनीतिक कारणों से। समाज में सकारात्मक परिवर्तन लाने के लिए सभी को मिलकर काम करना होगा। यह लेख समाचार पत्र के स्तंभ से लिया गया है जिसमें विभिन्न विषयों पर विचार प्रस्तुत किए गए हैं। देश की राजनीति और समाज में हो रहे बदलावों पर विस्तृत चर्चा की गई है। सरकार की नीतियों तथा जनता की अपेक्षाओं के बीच संतुलन बनाना आवश्यक है। लोकतंत्र में हर नागरिक की भूमिका महत्वपूर्ण होती है और सभी को अपने अधिकारों के साथ कर्तव्यों का भी पालन करना चाहिए। पुरस्कारों का सम्मान योग्यता के आधार पर होना चाहिए न कि राजनीतिक कारणों से। समाज में सकारात्मक परिवर्तन लाने के लिए सभी को मिलकर काम करना होगा। यह लेख समाचार पत्र के स्तंभ से लिया गया है जिसमें विभिन्न विषयों पर विचार प्रस्तुत किए गए हैं। देश की राजनीति और समाज में हो रहे बदलावों पर
“
मनाता विनम्र मानने को सहमतापूर्वक जाती है, वर्ग और राजनीति के भार से ऊपर उठ कर और अपनी पंथ तथा अच्छे इनाम, अच्छा भारतीय मानने और सहानुभूत सम्मान पुरस्कार की आज से ही पुरस्कार है।	”
चर्चित चेहरा
अमरज्ञा किशोरी
यह लेख समाचार पत्र के स्तंभ से लिया गया है जिसमें विभिन्न विषयों पर विचार प्रस्तुत किए गए हैं। देश की राजनीति और समाज में हो रहे बदलावों पर विस्तृत चर्चा की गई है। सरकार की नीतियों तथा जनता की अपेक्षाओं के बीच संतुलन बनाना आवश्यक है। लोकतंत्र में हर नागरिक की भूमिका महत्वपूर्ण होती है और सभी को अपने अधिकारों के साथ कर्तव्यों का भी पालन करना चाहिए। पुरस्कारों का सम्मान योग्यता के आधार पर होना चाहिए न कि राजनीतिक कारणों से। समाज में सकारात्मक परिवर्तन लाने के लिए सभी को मिलकर काम करना होगा। यह लेख समाचार पत्र के स्तंभ से लिया गया है जिसमें विभिन्न विषयों पर विचार प्रस्तुत किए गए हैं। देश की राजनीति और समाज में हो रहे बदलावों पर विस्तृत चर्चा की गई है। सरकार की नीतियों तथा जनता की अपेक्षाओं के बीच संतुलन बनाना आवश्यक है। लोकतंत्र में हर नागरिक की भूमिका महत्वपूर्ण होती है और सभी को अपने अधिकारों के साथ कर्तव्यों का भी पालन करना चाहिए। पुरस्कारों का सम्मान योग्यता के आधार पर होना चाहिए न कि राजनीतिक कारणों से। समाज में सकारात्मक परिवर्तन लाने के लिए सभी को मिलकर काम करना होगा। यह लेख समाचार पत्र के स्तंभ से लिया गया है जिसमें विभिन्न विषयों पर विचार प्रस्तुत किए गए हैं। देश की राजनीति और समाज में हो रहे बदलावों पर विस्तृत चर्चा की गई है। सरकार की नीतियों तथा जनता की अपेक्षाओं के बीच संतुलन बनाना आवश्यक है। लोकतंत्र में हर नागरिक की भूमिका महत्वपूर्ण होती है और सभी को अपने अधिकारों के साथ कर्तव्यों का भी पालन करना चाहिए। पुरस्कारों का सम्मान योग्यता के आधार पर होना चाहिए न कि राजनीतिक कारणों से। समाज में सकारात्मक परिवर्तन लाने के लिए सभी को मिलकर काम करना होगा। यह लेख समाचार पत्र के स्तंभ से लिया गया है जिसमें विभिन्न विषयों पर विचार प्रस्तुत किए गए हैं। देश की राजनीति और समाज में हो रहे बदलावों पर विस्तृत चर्चा की गई है। सरकार की नीतियों तथा जनता की अपेक्षाओं के बीच संतुलन बनाना आवश्यक है। लोकतंत्र में हर नागरिक की भूमिका महत्वपूर्ण होती है और सभी को अपने अधिकारों के साथ कर्तव्यों का भी पालन करना चाहिए। पुरस्कारों का सम्मान योग्यता के आधार पर होना चाहिए न कि राजनीतिक कारणों से। समाज में सकारात्मक परिवर्तन लाने के लिए सभी को मिलकर काम करना होगा। यह लेख समाचार पत्र के स्तंभ से लिया गया है जिसमें विभिन्न विषयों पर विचार प्रस्तुत किए गए हैं। देश की राजनीति और समाज में हो रहे बदलावों पर विस्तृत चर्चा की गई है। सरकार की नीतियों तथा जनता की अ
जरा के हौसले ने नापा दी दुनिया
यह लेख समाचार पत्र के स्तंभ से लिया गया है जिसमें विभिन्न विषयों पर विचार प्रस्तुत किए गए हैं। देश की राजनीति और समाज में हो रहे बदलावों पर विस्तृत चर्चा की गई है। सरकार की नीतियों तथा जनता की अपेक्षाओं के बीच संतुलन बनाना आवश्यक है। लोकतंत्र में हर नागरिक की भूमिका महत्वपूर्ण होती है और सभी को अपने अधिकारों के साथ कर्तव्यों का भी पालन करना चाहिए। पुरस्कारों का सम्मान योग्यता के आधार पर होना चाहिए न कि राजनीतिक कारणों से। समाज में सकारात्मक परिवर्तन लाने के लिए सभी को मिलकर काम करना होगा। यह लेख समाचार पत्र के स्तंभ से लिया गया है जिसमें विभिन्न विषयों पर विचार प्रस्तुत किए गए हैं। देश की राजनीति और समाज में हो रहे बदलावों पर विस्तृत चर्चा की गई है। सरकार की नीतियों तथा जनता की अपेक्षाओं के बीच संतुलन बनाना आवश्यक है। लोकतंत्र में हर नागरिक की भूमिका महत्वपूर्ण होती है और सभी को अपने अधिकारों के साथ कर्तव्यों का भी पालन करना चाहिए। पुरस्कारों का सम्मान योग्यता के आधार पर होना चाहिए न कि राजनीतिक कारणों से। समाज में सकारात्मक परिवर्तन लाने के लिए सभी को मिलकर काम करना होगा। यह लेख समाचार पत्र के स्तंभ से लिया गया है जिसमें विभिन्न विषयों पर विचार प्रस्तुत किए गए हैं। देश की राजनीति और समाज में हो रहे बदलावों पर विस्तृत चर्चा की गई है। सरकार की नीतियों तथा जनता की अपेक्षाओं के बीच संतुलन बनाना आवश्यक है। लोकतंत्र में हर नागरिक की भूमिका महत्वपूर्ण होती है और सभी को अपने अधिकारों के साथ कर्तव्यों का भी पालन करना चाहिए। पुरस्कारों का सम्मान योग्यता के आधार पर होना चाहिए न कि राजनीतिक कारणों से। समाज में सकारात्मक परिवर्तन लाने के लिए सभी को मिलकर काम करना होगा। यह लेख समाचार पत्र के स्तंभ से लिया गया है जिसमें विभिन्न विषयों पर विचार प्रस्तुत किए गए हैं। देश की राजनीति और समाज में हो रहे बदलावों पर विस्तृत चर्चा की गई है। सरकार की नीतियों तथा जनता की अपेक्षाओं के बीच संतुलन बनाना आवश्यक है। लोकतंत्र में हर नागरिक की भूमिका महत्वपूर्ण होती है और सभी को अपने अधिकारों के साथ कर्तव्यों का
यह लेख समाचार पत्र के स्तंभ से लिया गया है जिसमें विभिन्न विषयों पर विचार प्रस्तुत किए गए हैं। देश की राजनीति और समाज में हो रहे बदलावों पर विस्तृत चर्चा की गई है। सरकार की नीतियों तथा जनता की अपेक्षाओं के बीच संतुलन बनाना आवश्यक है। लोकतंत्र में हर नागरिक की भूमिका महत्वपूर्ण होती है और सभी को अपने अधिकारों के साथ कर्तव्यों का भी पालन करना चाहिए। पुरस्कारों का सम्मान योग्यता के आधार पर होना चाहिए न कि राजनीतिक कारणों से। समाज में सकारात्मक परिवर्तन लाने के लिए सभी को मिलकर काम करना होगा। यह लेख समाचार पत्र के स्तंभ से लिया गया है जिसमें विभिन्न विषयों पर विचार प्रस्तुत किए गए हैं। देश की राजनीति और समाज में हो रहे बदलावों पर विस्तृत चर्चा की गई है। सरकार की नीतियों तथा जनता की अपेक्षाओं के बीच संतुलन बनाना आवश्यक है। लोकतंत्र में हर नागरिक की भूमिका महत्वपूर्ण होती है और सभी को अपने अधिकारों के साथ कर्तव्यों का भी पालन करना चाहिए। पुरस्कारों का सम्मान योग्यता के आधार पर होना चाहिए न कि राजनीतिक कारणों से। समाज में सकारात्मक परिवर्तन लाने के लिए सभी को मिलकर काम करना होगा। यह लेख समाचार पत्र के स्तंभ से लिया गया है जिसमें विभिन्न विषयों पर विचार प्रस्तुत किए गए हैं। देश की राजनीति और समाज में हो रहे बदलावों पर विस्तृत चर्चा की गई है। सरकार की नीतियों तथा जनता की अपेक्षाओं के बीच संतुलन बनाना आवश्यक है। लोकतंत्र में हर नागरिक की भूमिका महत्वपूर्ण होती है और सभी को अपने अधिकारों के साथ कर्तव्यों का भी पालन करना चाहिए। पुरस्कारों का सम्मान योग्यता के आधार पर होना चाहिए न कि राजनीतिक कारणों से। समाज में सकारात्मक परिवर्तन लाने के लिए सभी को मिलकर काम करना होगा। यह लेख समाचार पत्र के स्तंभ से लिया गया है जिसमें विभिन्न विषयों पर विचार प्रस्तुत किए गए हैं। देश की राजनीति और समाज में हो रहे बदलावों पर विस्तृत चर्चा की गई है। सरकार की नीतियों तथा जनता की अपेक्षाओं के बीच संतुलन बनाना आवश्यक है। लोकतंत्र में हर नागरिक की भूमिका महत्वपूर्ण होती है और सभी को अपने अधिकारों के साथ कर्तव्यों का
यह लेख समाचार पत्र के स्तंभ से लिया गया है जिसमें विभिन्न विषयों पर विचार प्रस्तुत किए गए हैं। देश की राजनीति और समाज में हो रहे बदलावों पर विस्तृत चर्चा की गई है। सरकार की नीतियों तथा जनता की अपेक्षाओं के बीच संतुलन बनाना आवश्यक है। लोकतंत्र में हर नागरिक की भूमिका महत्वपूर्ण होती है और सभी को अपने अधिकारों के साथ कर्तव्यों का भी पालन करना चाहिए। पुरस्कारों का सम्मान योग्यता के आधार पर होना चाहिए न कि राजनीतिक कारणों से। समाज में सकारात्मक परिवर्तन लाने के लिए सभी को मिलकर काम करना होगा। यह लेख समाचार पत्र के स्तंभ से लिया गया है जिसमें विभिन्न विषयों पर विचार प्रस्तुत किए गए हैं। देश की राजनीति और समाज में हो रहे बदलावों पर विस्तृत चर्चा की गई है। सरकार की नीतियों तथा जनता की अपेक्षाओं के बीच संतुलन बनाना आवश्यक है। लोकतंत्र में हर नागरिक की भूमिका महत्वपूर्ण होती है और सभी को अपने अधिकारों के साथ कर्तव्यों का भी पालन करना चाहिए। पुरस्कारों का सम्मान योग्यता के आधार पर होना चाहिए न कि राजनीतिक कारणों से। समाज में सकारात्मक परिवर्तन लाने के लिए सभी को मिलकर काम करना होगा। यह लेख समाचार पत्र के स्तंभ से लिया गया है जिसमें विभिन्न विषयों पर विचार प्रस्तुत किए गए हैं। देश की राजनीति और समाज में हो रहे बदलावों पर विस्तृत चर्चा की गई है। सरकार की नीतियों तथा जनता की अपेक्षाओं के बीच संतुलन बनाना आवश्यक है। लोकतंत्र में हर नागरिक की भूमिका महत्वपूर्ण होती है और सभी को अपने अधिकारों के साथ कर्तव्यों का भी पालन करना चाहिए। पुरस्कारों का सम्मान योग्यता के आधार पर होना चाहिए न कि राजनीतिक कारणों से। समाज में सकारात्मक परिवर्तन लाने के लिए सभी को मिलकर काम करना होगा। यह लेख समाचार पत्र के स्तंभ से लिया गया है जिसमें विभिन्न विषयों पर विचार प्रस्तुत किए गए हैं। देश की राजनीति और समाज में हो रहे बदलावों पर विस्तृत चर्चा की गई है। सरकार की नीतियों तथा जनता की अपेक्षाओं के बीच संतुलन बनाना आवश्यक है। लोकतंत्र में हर नागरिक की भूमिका महत्वपूर्ण होती है और सभी को अपने अधिकारों के साथ कर्तव्यों का
आलेख
मतदाताओं की स्थिति के रसगुल्ले
डॉ. बिपिन कुमार सिंह
यह लेख समाचार पत्र के स्तंभ से लिया गया है जिसमें विभिन्न विषयों पर विचार प्रस्तुत किए गए हैं। देश की राजनीति और समाज में हो रहे बदलावों पर विस्तृत चर्चा की गई है। सरकार की नीतियों तथा जनता की अपेक्षाओं के बीच संतुलन बनाना आवश्यक है। लोकतंत्र में हर नागरिक की भूमिका महत्वपूर्ण होती है और सभी को अपने अधिकारों के साथ कर्तव्यों का भी पालन करना चाहिए। पुरस्कारों का सम्मान योग्यता के आधार पर होना चाहिए न कि राजनीतिक कारणों से। समाज में सकारात्मक परिवर्तन लाने के लिए सभी को मिलकर काम करना होगा। यह लेख समाचार पत्र के स्तंभ से लिया गया है जिसमें विभिन्न विषयों पर विचार प्रस्तुत किए गए हैं। देश की राजनीति और समाज में हो रहे बदलावों पर विस्तृत चर्चा की गई है। सरकार की नीतियों तथा जनता की अपेक्षाओं के बीच संतुलन बनाना आवश्यक है। लोकतंत्र में हर नागरिक की भूमिका महत्वपूर्ण होती है और सभी को अपने अधिकारों के साथ कर्तव्यों का भी पालन करना चाहिए। पुरस्कारों का सम्मान योग्यता के आधार पर होना चाहिए न कि राजनीतिक कारणों से। समाज में सकारात्मक परिवर्तन लाने के लिए सभी को मिलकर काम करना होगा। यह लेख समाचार पत्र के स्तंभ से लिया गया है जिसमें विभिन्न विषयों पर विचार प्रस्तुत किए गए हैं। देश की राजनीति और समाज में हो रहे बदलावों पर विस्तृत चर्चा की गई है। सरकार की नीतियों तथा जनता की अपेक्षाओं के बीच संतुलन बनाना आवश्यक है। लोकतंत्र में हर नागरिक की भूमिका महत्वपूर्ण होती है और सभी को अपने अधिकारों के साथ कर्तव्यों का भी पालन करना चाहिए। पुरस्कारों का सम्मान योग्यता के आधार पर होना चाहिए न कि राजनीतिक कारणों से। समाज में सकारात्मक परिवर्तन लाने के लिए सभी को मिलकर काम करना होगा। यह लेख समाचार पत्र के स्तंभ से लिया गया है जिसमें विभिन्न विषयों पर विचार प्रस्तुत किए गए हैं। देश की राजनीति और समाज में हो रहे बदलावों पर विस्तृत चर्चा की गई है। सरकार की नीतियों तथा जनता की अपेक्षाओं के बीच संतुलन बनाना आवश्यक है। लोकतंत्र में हर नागरिक की भूमिका महत्वपूर्ण होती है और सभी को अपने अधिकारों के साथ कर्तव्यों का भी पालन करना चाहिए। पुरस्कारों का सम्मान योग्यता के आधार पर होना चाहिए न कि राजनीतिक कारणों से। समाज में सकारात्मक परिवर्तन लाने के लिए सभी को मिलकर काम करना होगा। यह लेख समाचार पत्र के स्तंभ से लिया गया है जिसमें
यह लेख समाचार पत्र के स्तंभ से लिया गया है जिसमें विभिन्न विषयों पर विचार प्रस्तुत किए गए हैं। देश की राजनीति और समाज में हो रहे बदलावों पर विस्तृत चर्चा की गई है। सरकार की नीतियों तथा जनता की अपेक्षाओं के बीच संतुलन बनाना आवश्यक है। लोकतंत्र में हर नागरिक की भूमिका महत्वपूर्ण होती है और सभी को अपने अधिकारों के साथ कर्तव्यों का भी पालन करना चाहिए। पुरस्कारों का सम्मान योग्यता के आधार पर होना चाहिए न कि राजनीतिक कारणों से। समाज में सकारात्मक परिवर्तन लाने के लिए सभी को मिलकर काम करना होगा। यह लेख समाचार पत्र के स्तंभ से लिया गया है जिसमें विभिन्न विषयों पर विचार प्रस्तुत किए गए हैं। देश की राजनीति और समाज में हो रहे बदलावों पर विस्तृत चर्चा की गई है। सरकार की नीतियों तथा जनता की अपेक्षाओं के बीच संतुलन बनाना आवश्यक है। लोकतंत्र में हर नागरिक की भूमिका महत्वपूर्ण होती है और सभी को अपने अधिकारों के साथ कर्तव्यों का भी पालन करना चाहिए। पुरस्कारों का सम्मान योग्यता के आधार पर होना चाहिए न कि राजनीतिक कारणों से। समाज में सकारात्मक परिवर्तन लाने के लिए सभी को मिलकर काम करना होगा। यह लेख समाचार पत्र के स्तंभ से लिया गया है जिसमें विभिन्न विषयों पर विचार प्रस्तुत किए गए हैं। देश की राजनीति और समाज में हो रहे बदलावों पर विस्तृत चर्चा की गई है। सरकार की नीतियों तथा जनता की अपेक्षाओं के बीच संतुलन बनाना आवश्यक है। लोकतंत्र में हर नागरिक की भूमिका महत्वपूर्ण होती है और सभी को अपने अधिकारों के साथ कर्तव्यों का भी पालन करना चाहिए। पुरस्कारों का सम्मान योग्यता के आधार पर होना चाहिए न कि राजनीतिक कारणों से। समाज में सकारात्मक परिवर्तन लाने के लिए सभी को मिलकर काम करना होगा। यह लेख समाचार पत्र के स्तंभ से लिया गया है जिसमें विभिन्न विषयों पर विचार प्रस्तुत किए गए हैं। देश की राजनीति और समाज में हो रहे बदलावों पर विस्तृत चर्चा की गई है। सरकार की नीतियों तथा जनता की अपेक्षाओं के बीच संतुलन बनाना आवश्यक है। लोकतंत्र में हर नागरिक की भूमिका महत्वपूर्ण होती है और सभी को अपने अधिकारों के साथ कर्तव्यों का भी पालन करना चाहिए। पुरस्कारों का सम्मान योग्यता के आधार पर होना चाहिए न
यह लेख समाचार पत्र के स्तंभ से लिया गया है जिसमें विभिन्न विषयों पर विचार प्रस्तुत किए गए हैं। देश की राजनीति और समाज में हो रहे बदलावों पर विस्तृत चर्चा की गई है। सरकार की नीतियों तथा जनता की अपेक्षाओं के बीच संतुलन बनाना आवश्यक है। लोकतंत्र में हर नागरिक की भूमिका महत्वपूर्ण होती है और सभी को अपने अधिकारों के साथ कर्तव्यों का भी पालन करना चाहिए। पुरस्कारों का सम्मान योग्यता के आधार पर होना चाहिए न कि राजनीतिक कारणों से। समाज में सकारात्मक परिवर्तन लाने के लिए सभी को मिलकर काम करना होगा। यह लेख समाचार पत्र के स्तंभ से लिया गया है जिसमें विभिन्न विषयों पर विचार प्रस्तुत किए गए हैं। देश की राजनीति और समाज में हो रहे बदलावों पर विस्तृत चर्चा की गई है। सरकार की नीतियों तथा जनता की अपेक्षाओं के बीच संतुलन बनाना आवश्यक है। लोकतंत्र में हर नागरिक की भूमिका महत्वपूर्ण होती है और सभी को अपने अधिकारों के साथ कर्तव्यों का भी पालन करना चाहिए। पुरस्कारों का सम्मान योग्यता के आधार पर होना चाहिए न कि राजनीतिक कारणों से। समाज में सकारात्मक परिवर्तन लाने के लिए सभी को मिलकर काम करना होगा। यह लेख समाचार पत्र के स्तंभ से लिया गया है जिसमें विभिन्न विषयों पर विचार प्रस्तुत किए गए हैं। देश की राजनीति और समाज में हो रहे बदलावों पर विस्तृत चर्चा की गई है। सरकार की नीतियों तथा जनता की अपेक्षाओं के बीच संतुलन बनाना आवश्यक है। लोकतंत्र में हर नागरिक की भूमिका महत्वपूर्ण होती है और सभी को अपने अधिकारों के साथ कर्तव्यों का भी पालन करना चाहिए। पुरस्कारों का सम्मान योग्यता के आधार पर होना चाहिए न कि राजनीतिक कारणों से। समाज में सकारात्मक परिवर्तन लाने के लिए सभी को मिलकर काम करना होगा। यह लेख समाचार पत्र के स्तंभ से लिया गया है जिसमें विभिन्न विषयों पर विचार प्रस्तुत किए गए हैं। देश की राजनीति और समाज में हो रहे बदलावों पर विस्तृत चर्चा की गई है। सरकार की नीतियों तथा जनता की अपेक्षाओं के बीच संतुलन बनाना आवश्यक है। लोकतंत्र में हर नागरिक की भूमिका महत्वपूर्ण होती है और सभी को अपने अधिकारों के साथ कर्तव्यों का भी पालन करना चाहिए। पुरस्कारों का सम्मान योग्यता के आधार पर होना चाहिए न कि राजनीतिक कारणों से। समाज में सकारात्मक परिवर्तन लाने के लिए सभी को मिलकर काम करना होगा। यह लेख समाचार पत्र के स्तंभ से लिया गया है जिसमें विभिन्न विषयों पर विचार प्रस्तुत किए गए हैं। देश की राजनीति और समाज में हो रहे बदलावों पर विस्तृत चर्चा की गई है। सरकार की नीतियों तथा जनता की अपेक्षाओं के बीच संतुलन बनाना आवश्यक है। लोकतंत्र में हर नागरिक की भूमिका महत्वपूर्ण होती है और सभी को अपने अधिकारों के साथ कर्तव्यों का भी पालन करना चाहिए। पुरस्कारों का सम्मान योग्यता के आधार पर होना चाहिए न कि राजनीतिक कारणों से। समाज में सकारात्मक परिवर्तन लाने के लिए सभी को मिलकर काम करना होगा। यह लेख समाचार पत्र के स्तंभ से लिया गया है जिसमें विभिन्न विषयों पर विचार प्रस्तुत किए गए हैं। देश की राजनीति और समाज में हो रहे बदलावों पर विस्तृत चर्चा की गई है। सरकार की नीतियों तथा जनता की अपेक्षाओं के बीच संतुलन बनाना आवश्यक है। लोकतंत्र में हर नागरिक की भूमिका महत्वपूर्ण होती है और सभी को अपने अधिकारों के साथ कर्तव्यों का भी पालन करना चाहिए। पुरस्कारों का सम्मान योग्यता के आधार पर होना चाहिए न कि राजनीतिक कारणों से। समाज में सकारात्मक परिवर्तन लाने के लिए सभी को मिलकर काम करना होगा। यह लेख समाचार पत्र के स्तंभ से लिया गया है जिसमें विभिन्न विषयों पर विचार प्रस्तुत किए गए हैं। देश की राजनीति और समाज में हो रहे बदलावों पर विस्तृत चर्चा की गई है। सरकार की नीतियों तथा जनता की अपेक्षाओं के बीच संतुलन बनाना आवश्यक है। लोकतंत्र में हर नागरिक की भूमिका महत्वपूर्ण होती है और सभी को अपने अधिकारों के साथ कर्तव्यों का भी पालन करना चाहिए। पुरस्कारों का सम्मान योग्यता के आधार पर होना चाहिए न कि राजनीतिक कारणों से। समाज में सकारात्मक परिवर्तन लाने के लिए सभी को मिलकर काम करना होगा। यह लेख समाचार पत्र के स्तंभ से लिया गया है जिसमें विभिन्न विषयों पर विचार प्रस्तुत किए गए हैं। देश की राजनीति और समाज में हो रहे बदलावों पर विस्तृत चर्चा की गई है। सरकार की नीतियों तथा जनता की अपेक्षाओं के बीच संतुलन बनाना आवश्यक है। लोकतंत्र में हर नागरिक की भूमिका महत्वपूर्ण होती है और सभी को अपने अधिकारों के साथ कर्तव्यों का भी पालन करना चाहिए। पुरस्कारों का सम्मान योग्यता के आधार पर होना चाहिए न कि राजनीतिक कारणों से। समाज में सकारात्मक परिवर्तन लाने के लिए सभी को मिलकर काम करना होगा। यह लेख
